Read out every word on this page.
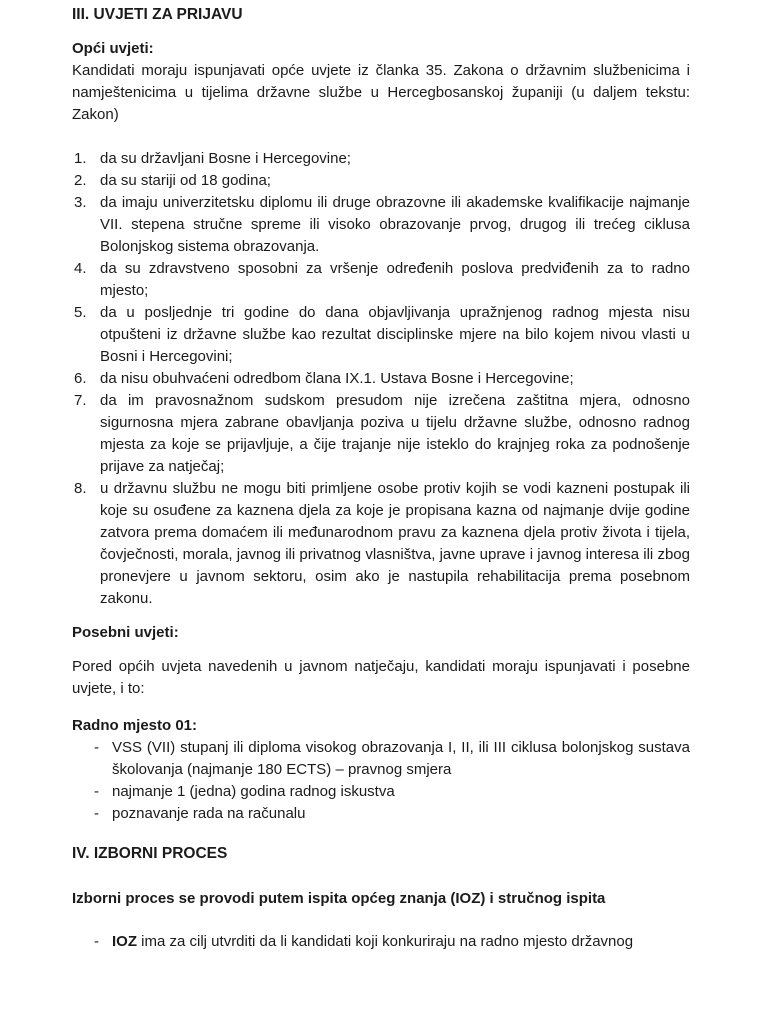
III. UVJETI ZA PRIJAVU

Opći uvjeti:

Kandidati moraju ispunjavati opće uvjete iz članka 35. Zakona o državnim službenicima i namještenicima u tijelima državne službe u Hercegbosanskoj županiji (u daljem tekstu: Zakon)

da su državljani Bosne i Hercegovine;
da su stariji od 18 godina;
da imaju univerzitetsku diplomu ili druge obrazovne ili akademske kvalifikacije najmanje VII. stepena stručne spreme ili visoko obrazovanje prvog, drugog ili trećeg ciklusa Bolonjskog sistema obrazovanja.
da su zdravstveno sposobni za vršenje određenih poslova predviđenih za to radno mjesto;
da u posljednje tri godine do dana objavljivanja upražnjenog radnog mjesta nisu otpušteni iz državne službe kao rezultat disciplinske mjere na bilo kojem nivou vlasti u Bosni i Hercegovini;
da nisu obuhvaćeni odredbom člana IX.1. Ustava Bosne i Hercegovine;
da im pravosnažnom sudskom presudom nije izrečena zaštitna mjera, odnosno sigurnosna mjera zabrane obavljanja poziva u tijelu državne službe, odnosno radnog mjesta za koje se prijavljuje, a čije trajanje nije isteklo do krajnjeg roka za podnošenje prijave za natječaj;
u državnu službu ne mogu biti primljene osobe protiv kojih se vodi kazneni postupak ili koje su osuđene za kaznena djela za koje je propisana kazna od najmanje dvije godine zatvora prema domaćem ili međunarodnom pravu za kaznena djela protiv života i tijela, čovječnosti, morala, javnog ili privatnog vlasništva, javne uprave i javnog interesa ili zbog pronevjere u javnom sektoru, osim ako je nastupila rehabilitacija prema posebnom zakonu.

Posebni uvjeti:

Pored općih uvjeta navedenih u javnom natječaju, kandidati moraju ispunjavati i posebne uvjete, i to:

Radno mjesto 01:

- VSS (VII) stupanj ili diploma visokog obrazovanja I, II, ili III ciklusa bolonjskog sustava školovanja (najmanje 180 ECTS) – pravnog smjera
- najmanje 1 (jedna) godina radnog iskustva
- poznavanje rada na računalu
IV. IZBORNI PROCES

Izborni proces se provodi putem ispita općeg znanja (IOZ) i stručnog ispita

- IOZ ima za cilj utvrditi da li kandidati koji konkuriraju na radno mjesto državnog
